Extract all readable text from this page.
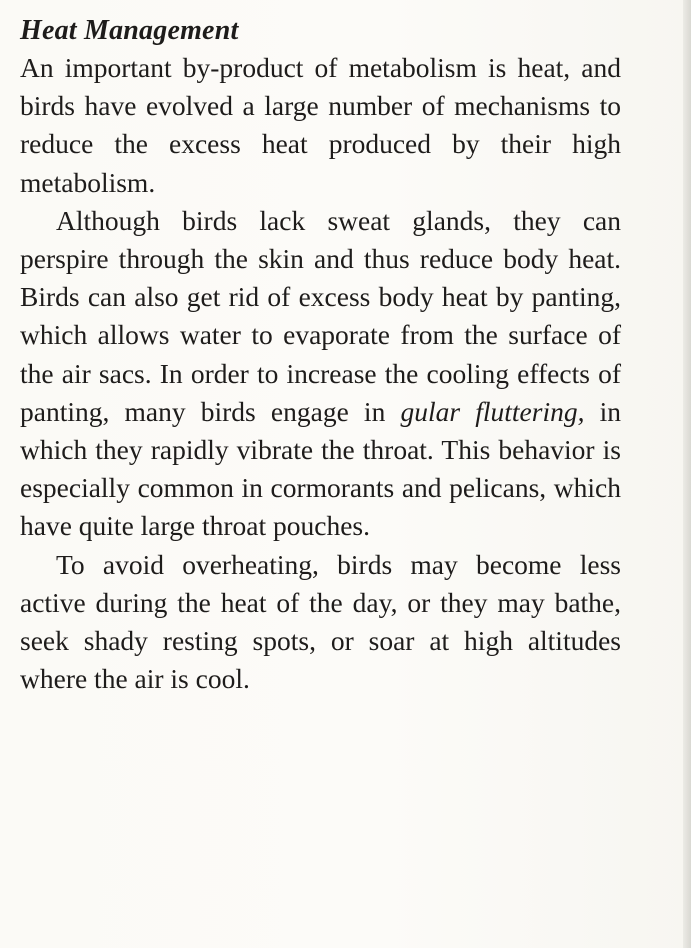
Heat Management

An important by-product of metabolism is heat, and birds have evolved a large number of mechanisms to reduce the excess heat produced by their high metabolism.

Although birds lack sweat glands, they can perspire through the skin and thus reduce body heat. Birds can also get rid of excess body heat by panting, which allows water to evaporate from the surface of the air sacs. In order to increase the cooling effects of panting, many birds engage in gular fluttering, in which they rapidly vibrate the throat. This behavior is especially common in cormorants and pelicans, which have quite large throat pouches.

To avoid overheating, birds may become less active during the heat of the day, or they may bathe, seek shady resting spots, or soar at high altitudes where the air is cool.
